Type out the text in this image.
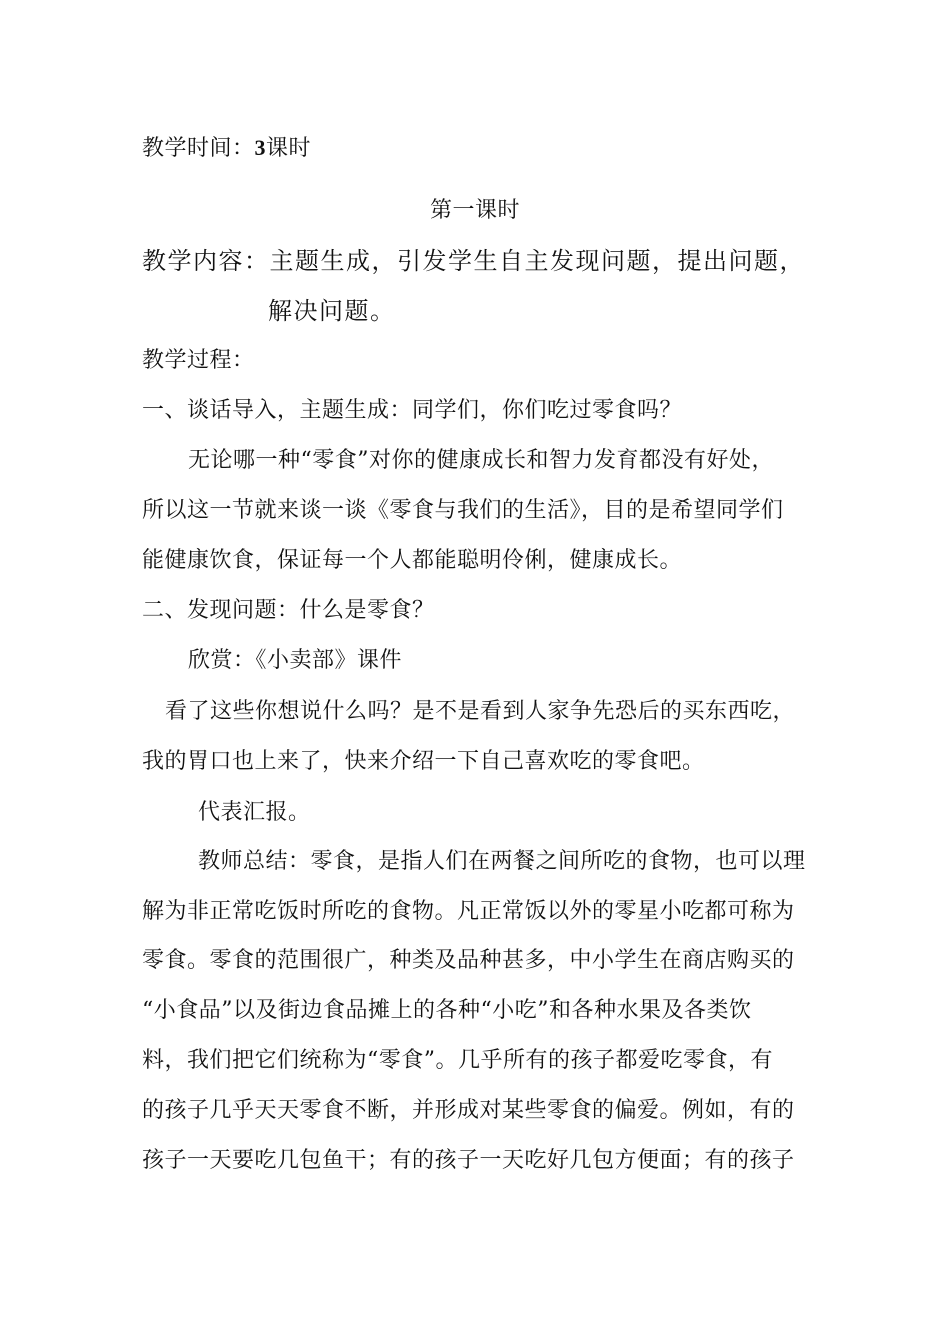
教学时间：3课时
第一课时
教学内容：主题生成，引发学生自主发现问题，提出问题，
解决问题。
教学过程：
一、谈话导入，主题生成：同学们，你们吃过零食吗？
无论哪一种“零食”对你的健康成长和智力发育都没有好处，
所以这一节就来谈一谈《零食与我们的生活》，目的是希望同学们
能健康饮食，保证每一个人都能聪明伶俐，健康成长。
二、发现问题：什么是零食？
欣赏：《小卖部》课件
看了这些你想说什么吗？是不是看到人家争先恐后的买东西吃，
我的胃口也上来了，快来介绍一下自己喜欢吃的零食吧。
代表汇报。
教师总结：零食，是指人们在两餐之间所吃的食物，也可以理
解为非正常吃饭时所吃的食物。凡正常饭以外的零星小吃都可称为
零食。零食的范围很广，种类及品种甚多，中小学生在商店购买的
“小食品”以及街边食品摊上的各种“小吃”和各种水果及各类饮
料，我们把它们统称为“零食”。几乎所有的孩子都爱吃零食，有
的孩子几乎天天零食不断，并形成对某些零食的偏爱。例如，有的
孩子一天要吃几包鱼干；有的孩子一天吃好几包方便面；有的孩子
